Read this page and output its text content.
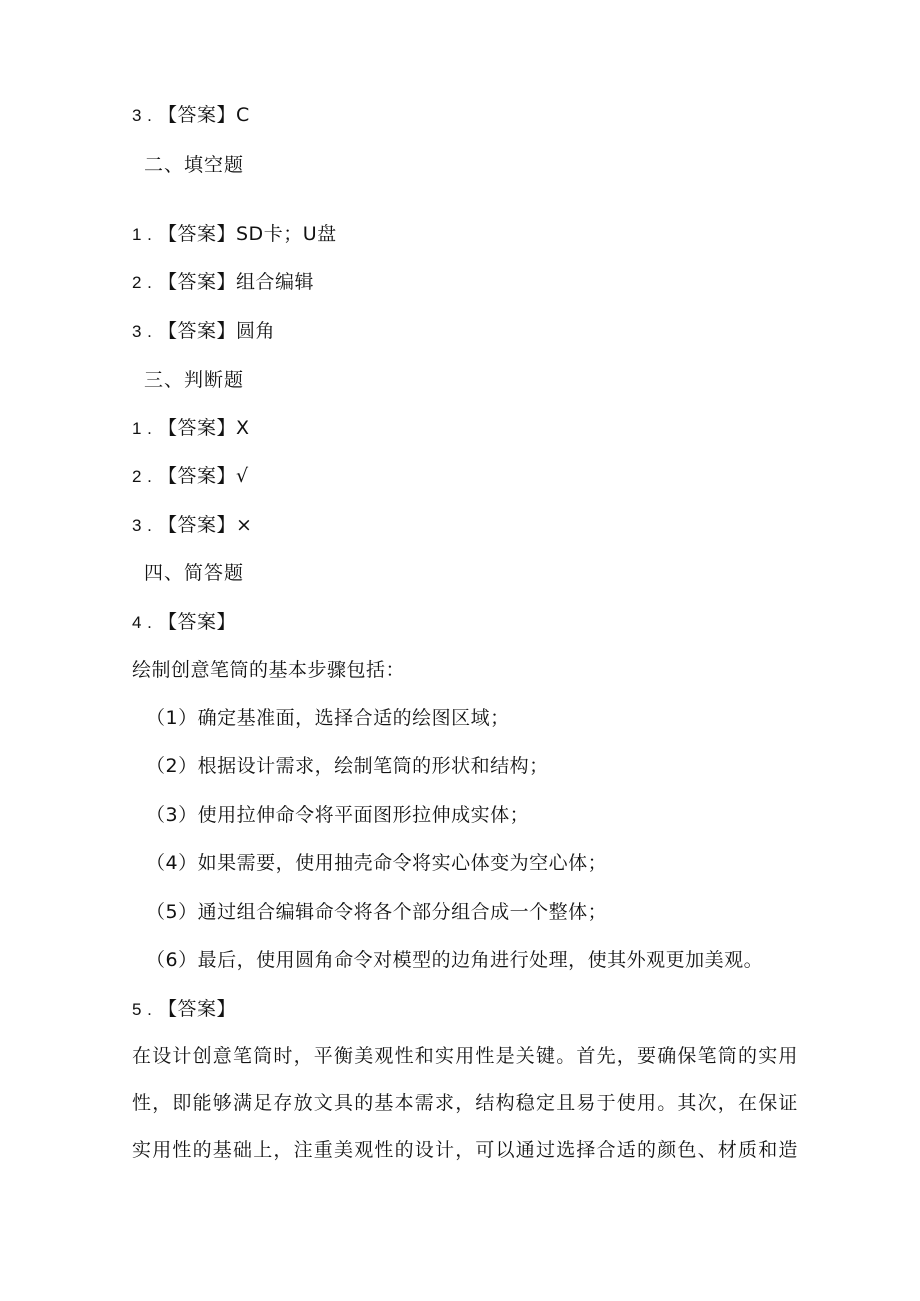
3 . 【答案】C
二、填空题
1 . 【答案】SD卡；U盘
2 . 【答案】组合编辑
3 . 【答案】圆角
三、判断题
1 . 【答案】X
2 . 【答案】√
3 . 【答案】×
四、简答题
4 . 【答案】
绘制创意笔筒的基本步骤包括：
（1）确定基准面，选择合适的绘图区域；
（2）根据设计需求，绘制笔筒的形状和结构；
（3）使用拉伸命令将平面图形拉伸成实体；
（4）如果需要，使用抽壳命令将实心体变为空心体；
（5）通过组合编辑命令将各个部分组合成一个整体；
（6）最后，使用圆角命令对模型的边角进行处理，使其外观更加美观。
5 . 【答案】
在设计创意笔筒时，平衡美观性和实用性是关键。首先，要确保笔筒的实用
性，即能够满足存放文具的基本需求，结构稳定且易于使用。其次，在保证
实用性的基础上，注重美观性的设计，可以通过选择合适的颜色、材质和造
